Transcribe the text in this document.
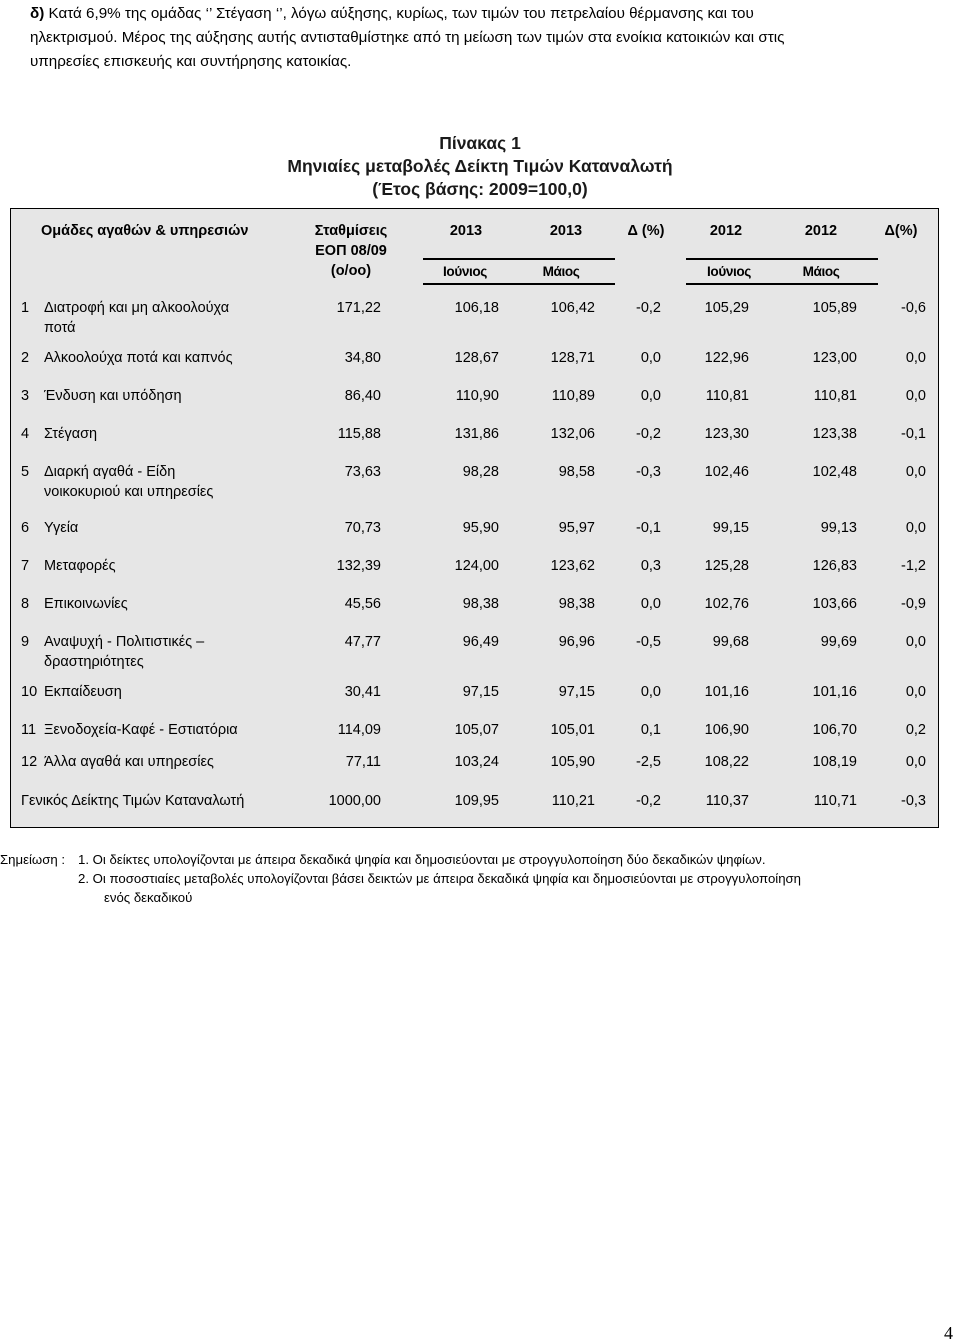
δ) Κατά 6,9% της ομάδας ‘’ Στέγαση ‘’, λόγω αύξησης, κυρίως, των τιμών του πετρελαίου θέρμανσης και του
ηλεκτρισμού. Μέρος της αύξησης αυτής αντισταθμίστηκε από τη μείωση των τιμών στα ενοίκια κατοικιών και στις
υπηρεσίες επισκευής και συντήρησης κατοικίας.
Πίνακας 1
Μηνιαίες μεταβολές Δείκτη Τιμών Καταναλωτή
(Έτος βάσης: 2009=100,0)
Ομάδες αγαθών & υπηρεσιών	Σταθμίσεις
ΕΟΠ 08/09
(ο/οο)
2013	2013	Δ (%)	2012	2012	Δ(%)
Ιούνιος	Μάιος	Ιούνιος	Μάιος
1 Διατροφή και μη αλκοολούχα
ποτά
171,22	106,18	106,42	-0,2	105,29	105,89	-0,6
2 Αλκοολούχα ποτά και καπνός	34,80	128,67	128,71	0,0	122,96	123,00	0,0
3 Ένδυση και υπόδηση	86,40	110,90	110,89	0,0	110,81	110,81	0,0
4 Στέγαση	115,88	131,86	132,06	-0,2	123,30	123,38	-0,1
5 Διαρκή αγαθά - Είδη
νοικοκυριού και υπηρεσίες
73,63	98,28	98,58	-0,3	102,46	102,48	0,0
6 Υγεία	70,73	95,90	95,97	-0,1	99,15	99,13	0,0
7 Μεταφορές	132,39	124,00	123,62	0,3	125,28	126,83	-1,2
8 Επικοινωνίες	45,56	98,38	98,38	0,0	102,76	103,66	-0,9
9 Αναψυχή - Πολιτιστικές –
δραστηριότητες
47,77	96,49	96,96	-0,5	99,68	99,69	0,0
10 Εκπαίδευση	30,41	97,15	97,15	0,0	101,16	101,16	0,0
11 Ξενοδοχεία-Καφέ - Εστιατόρια	114,09	105,07	105,01	0,1	106,90	106,70	0,2
12 Άλλα αγαθά και υπηρεσίες	77,11	103,24	105,90	-2,5	108,22	108,19	0,0
Γενικός Δείκτης Τιμών Καταναλωτή	1000,00	109,95	110,21	-0,2	110,37	110,71	-0,3
Σημείωση : 1. Οι δείκτες υπολογίζονται με άπειρα δεκαδικά ψηφία και δημοσιεύονται με στρογγυλοποίηση δύο δεκαδικών ψηφίων.
2. Οι ποσοστιαίες μεταβολές υπολογίζονται βάσει δεικτών με άπειρα δεκαδικά ψηφία και δημοσιεύονται με στρογγυλοποίηση
ενός δεκαδικού
4
